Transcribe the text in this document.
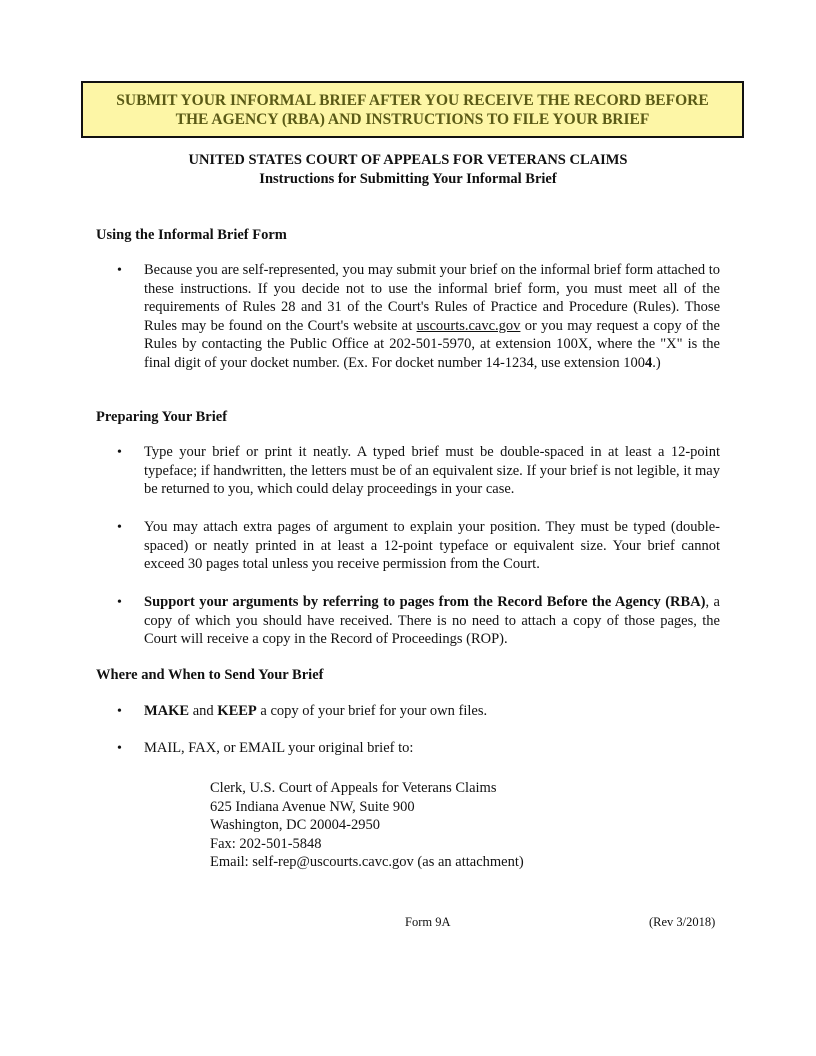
SUBMIT YOUR INFORMAL BRIEF AFTER YOU RECEIVE THE RECORD BEFORE
THE AGENCY (RBA) AND INSTRUCTIONS TO FILE YOUR BRIEF
UNITED STATES COURT OF APPEALS FOR VETERANS CLAIMS
Instructions for Submitting Your Informal Brief
Using the Informal Brief Form
• Because you are self-represented, you may submit your brief on the informal brief form attached to these instructions. If you decide not to use the informal brief form, you must meet all of the requirements of Rules 28 and 31 of the Court's Rules of Practice and Procedure (Rules). Those Rules may be found on the Court's website at uscourts.cavc.gov or you may request a copy of the Rules by contacting the Public Office at 202-501-5970, at extension 100X, where the "X" is the final digit of your docket number. (Ex. For docket number 14-1234, use extension 1004.)
Preparing Your Brief
• Type your brief or print it neatly. A typed brief must be double-spaced in at least a 12-point typeface; if handwritten, the letters must be of an equivalent size. If your brief is not legible, it may be returned to you, which could delay proceedings in your case.
• You may attach extra pages of argument to explain your position. They must be typed (double-spaced) or neatly printed in at least a 12-point typeface or equivalent size. Your brief cannot exceed 30 pages total unless you receive permission from the Court.
• Support your arguments by referring to pages from the Record Before the Agency (RBA), a copy of which you should have received. There is no need to attach a copy of those pages, the Court will receive a copy in the Record of Proceedings (ROP).
Where and When to Send Your Brief
• MAKE and KEEP a copy of your brief for your own files.
• MAIL, FAX, or EMAIL your original brief to:
Clerk, U.S. Court of Appeals for Veterans Claims
625 Indiana Avenue NW, Suite 900
Washington, DC 20004-2950
Fax: 202-501-5848
Email: self-rep@uscourts.cavc.gov (as an attachment)
Form 9A	(Rev 3/2018)
